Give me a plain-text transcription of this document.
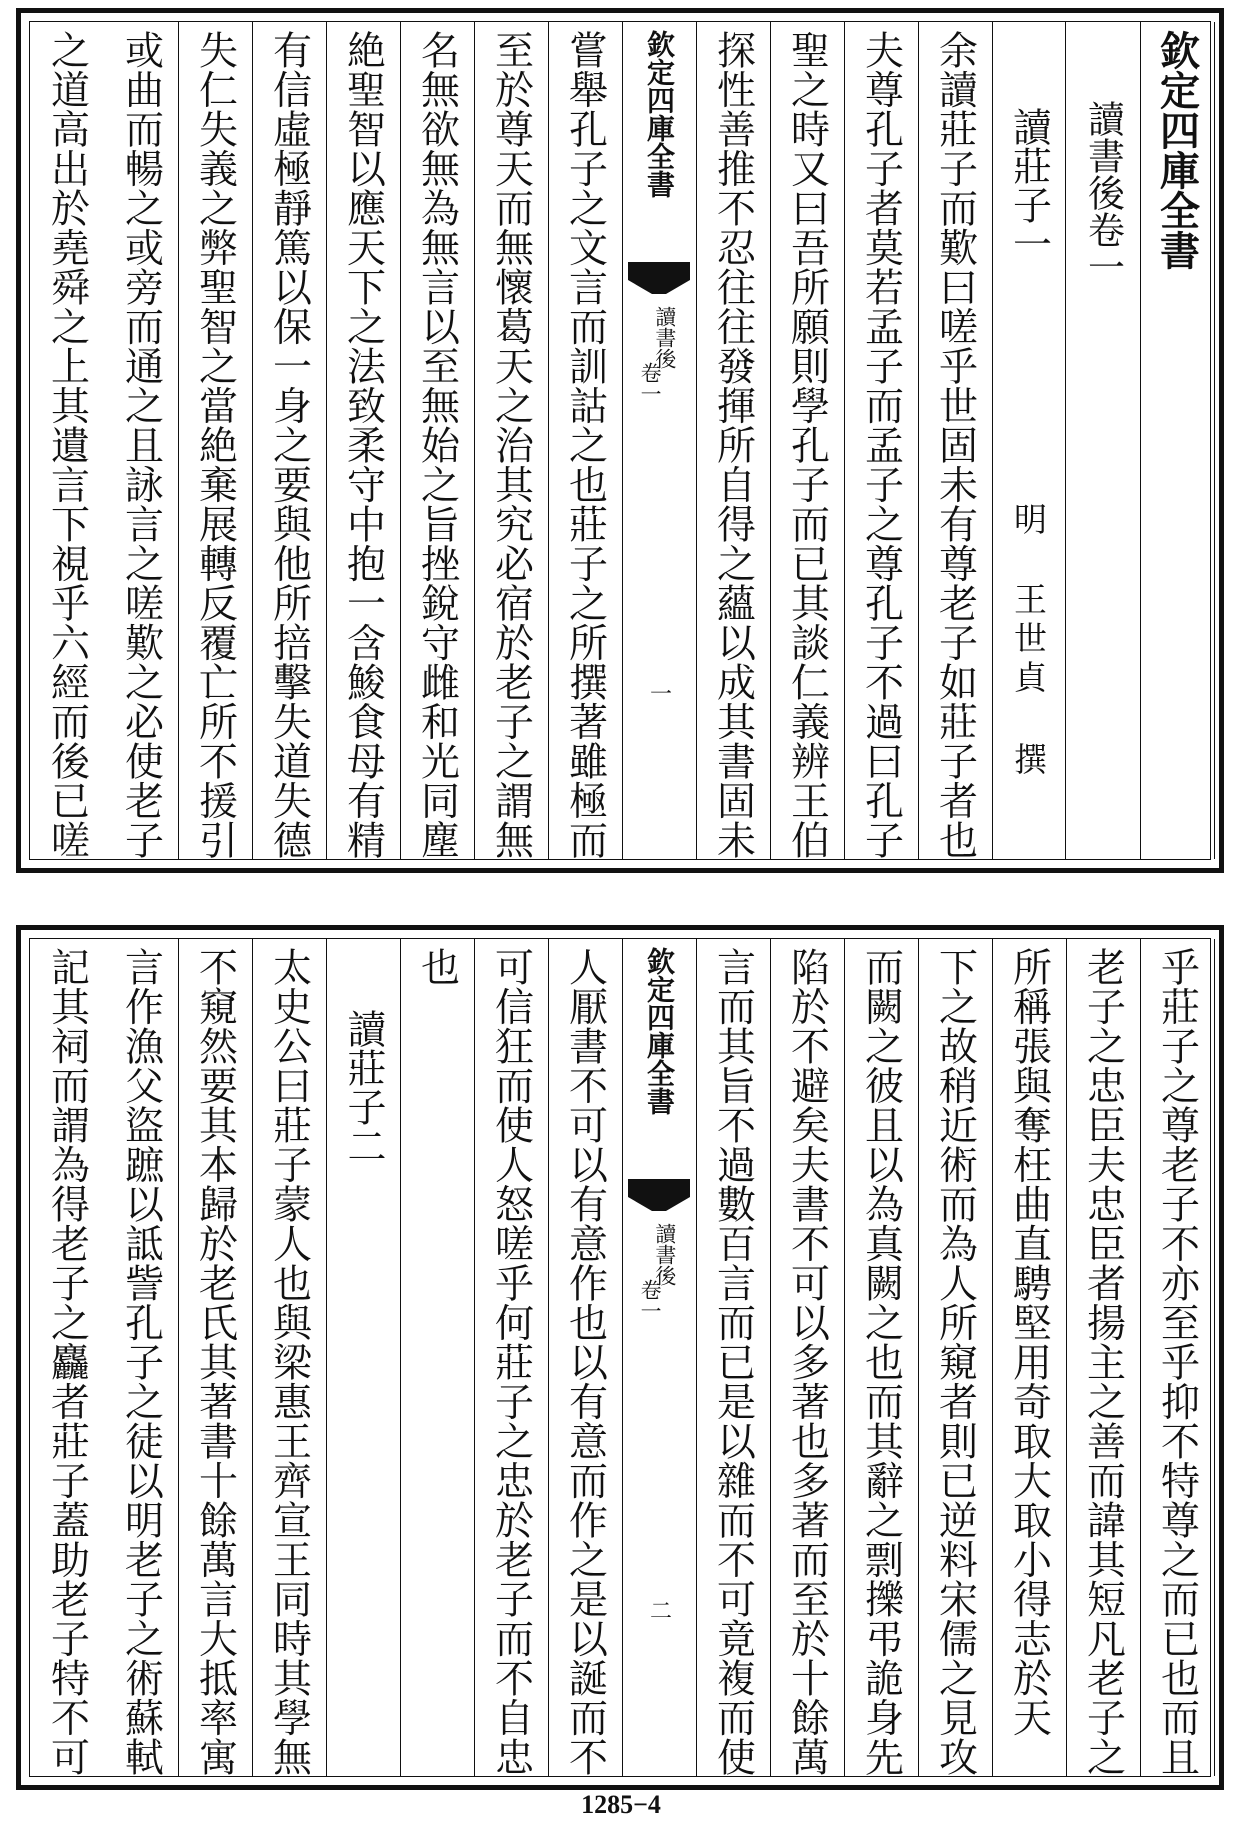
欽定四庫全書
讀書後卷一
讀莊子一
明
王世貞
撰
余讀莊子而歎曰嗟乎世固未有尊老子如莊子者也
夫尊孔子者莫若孟子而孟子之尊孔子不過曰孔子
聖之時又曰吾所願則學孔子而已其談仁義辨王伯
探性善推不忍往往發揮所自得之蘊以成其書固未
欽定四庫全書
讀書後
卷一
一
嘗舉孔子之文言而訓詁之也莊子之所撰著雖極而
至於尊天而無懷葛天之治其究必宿於老子之謂無
名無欲無為無言以至無始之旨挫銳守雌和光同塵
絶聖智以應天下之法致柔守中抱一含鮻食母有精
有信虛極靜篤以保一身之要與他所掊擊失道失德
失仁失義之弊聖智之當絶棄展轉反覆亡所不援引
或曲而暢之或旁而通之且詠言之嗟歎之必使老子
之道高出於堯舜之上其遺言下視乎六經而後已嗟
乎莊子之尊老子不亦至乎抑不特尊之而已也而且
老子之忠臣夫忠臣者揚主之善而諱其短凡老子之
所稱張與奪枉曲直騁堅用奇取大取小得志於天
下之故稍近術而為人所窺者則已逆料宋儒之見攻
而闕之彼且以為真闕之也而其辭之剽擽弔詭身先
陷於不避矣夫書不可以多著也多著而至於十餘萬
言而其旨不過數百言而已是以雜而不可竟複而使
欽定四庫全書
讀書後
卷一
二
人厭書不可以有意作也以有意而作之是以誕而不
可信狂而使人怒嗟乎何莊子之忠於老子而不自忠
也
讀莊子二
太史公曰莊子蒙人也與梁惠王齊宣王同時其學無
不窺然要其本歸於老氏其著書十餘萬言大抵率寓
言作漁父盜蹠以詆訾孔子之徒以明老子之術蘇軾
記其祠而謂為得老子之麤者莊子蓋助老子特不可
1285−4
